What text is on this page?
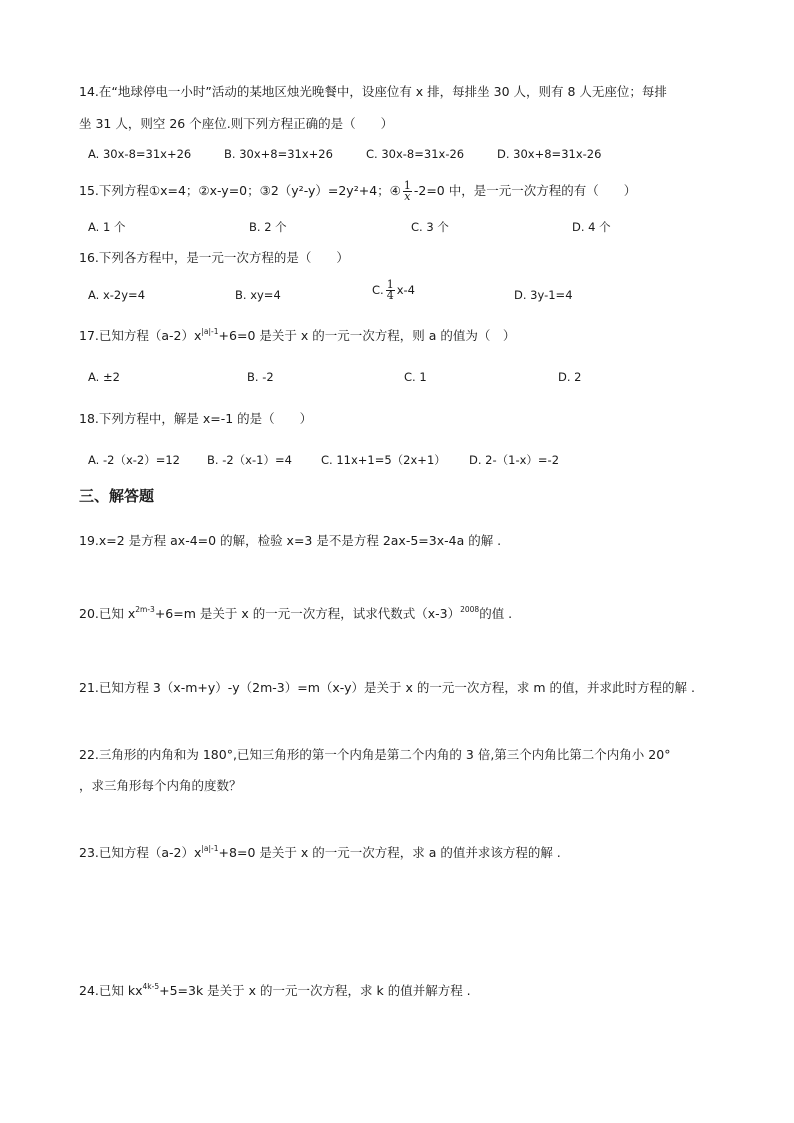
14.在“地球停电一小时”活动的某地区烛光晚餐中，设座位有 x 排，每排坐 30 人，则有 8 人无座位；每排
坐 31 人，则空 26 个座位.则下列方程正确的是（　　）
A. 30x-8=31x+26	B. 30x+8=31x+26	C. 30x-8=31x-26	D. 30x+8=31x-26
15.下列方程①x=4；②x-y=0；③2（y²-y）=2y²+4；④ $\frac{1}{x} -2=0$ 中，是一元一次方程的有（　　）
A. 1 个	B. 2 个	C. 3 个	D. 4 个
16.下列各方程中，是一元一次方程的是（　　）
A. x-2y=4	B. xy=4	C. $\frac{1}{4} x-4$	D. 3y-1=4
17.已知方程$(a-2)x^{|a|-1}+6=0$ 是关于 x 的一元一次方程，则 a 的值为（　）
A. ±2	B. -2	C. 1	D. 2
18.下列方程中，解是 x=-1 的是（　　）
A. -2（x-2）=12 B. -2（x-1）=4	C. 11x+1=5（2x+1） D. 2-（1-x）=-2
三、解答题
19.x=2 是方程 ax-4=0 的解，检验 x=3 是不是方程 2ax-5=3x-4a 的解 .
20.已知 $x^{2m-3}+6=m$ 是关于 x 的一元一次方程，试求代数式$(x-3)^{2008}$的值 .
21.已知方程 3（x-m+y）-y（2m-3）=m（x-y）是关于 x 的一元一次方程，求 m 的值，并求此时方程的解 .
22.三角形的内角和为 180°,已知三角形的第一个内角是第二个内角的 3 倍,第三个内角比第二个内角小 20°
，求三角形每个内角的度数？
23.已知方程$(a-2)x^{|a|-1}+8=0$ 是关于 x 的一元一次方程，求 a 的值并求该方程的解 .
24.已知 $kx^{4k-5}+5=3k$ 是关于 x 的一元一次方程，求 k 的值并解方程 .
